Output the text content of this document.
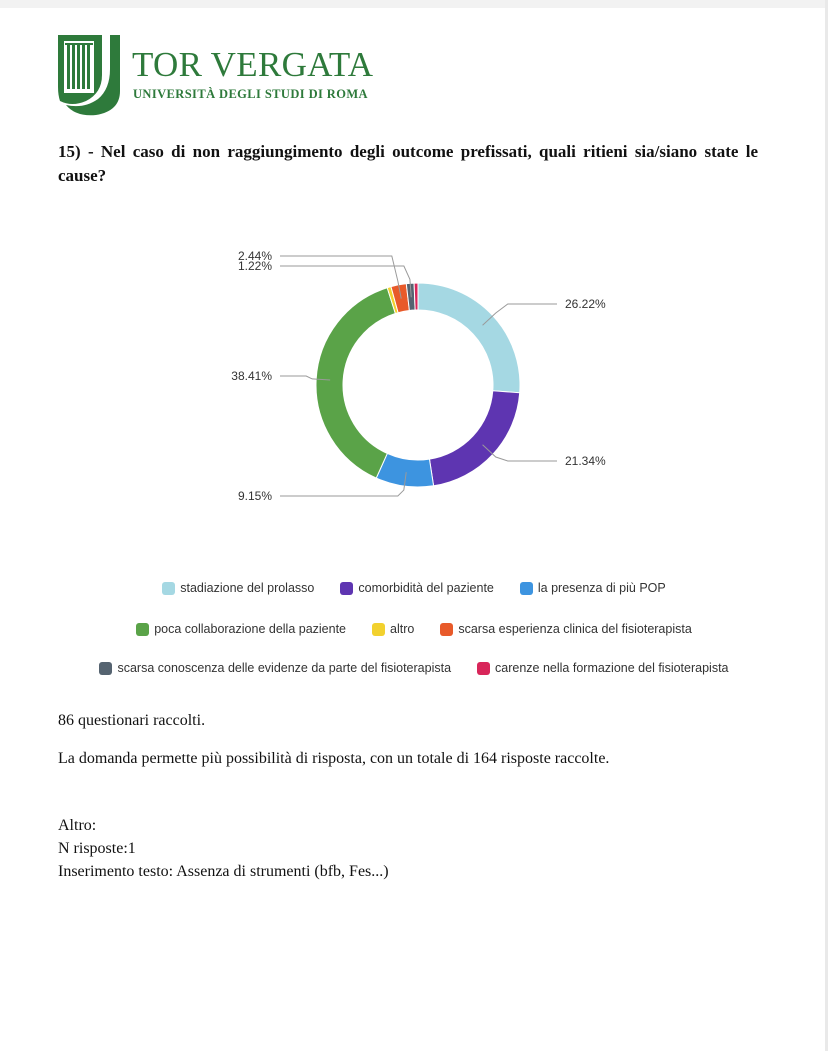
TOR VERGATA
UNIVERSITÀ DEGLI STUDI DI ROMA
15) - Nel caso di non raggiungimento degli outcome prefissati, quali ritieni sia/siano state le cause?
26.22%
21.34%
9.15%
38.41%
2.44%
1.22%
stadiazione del prolasso	comorbidità del paziente	la presenza di più POP
poca collaborazione della paziente	altro	scarsa esperienza clinica del fisioterapista
scarsa conoscenza delle evidenze da parte del fisioterapista	carenze nella formazione del fisioterapista
86 questionari raccolti.
La domanda permette più possibilità di risposta, con un totale di 164 risposte raccolte.
Altro:
N risposte:1
Inserimento testo: Assenza di strumenti (bfb, Fes...)
